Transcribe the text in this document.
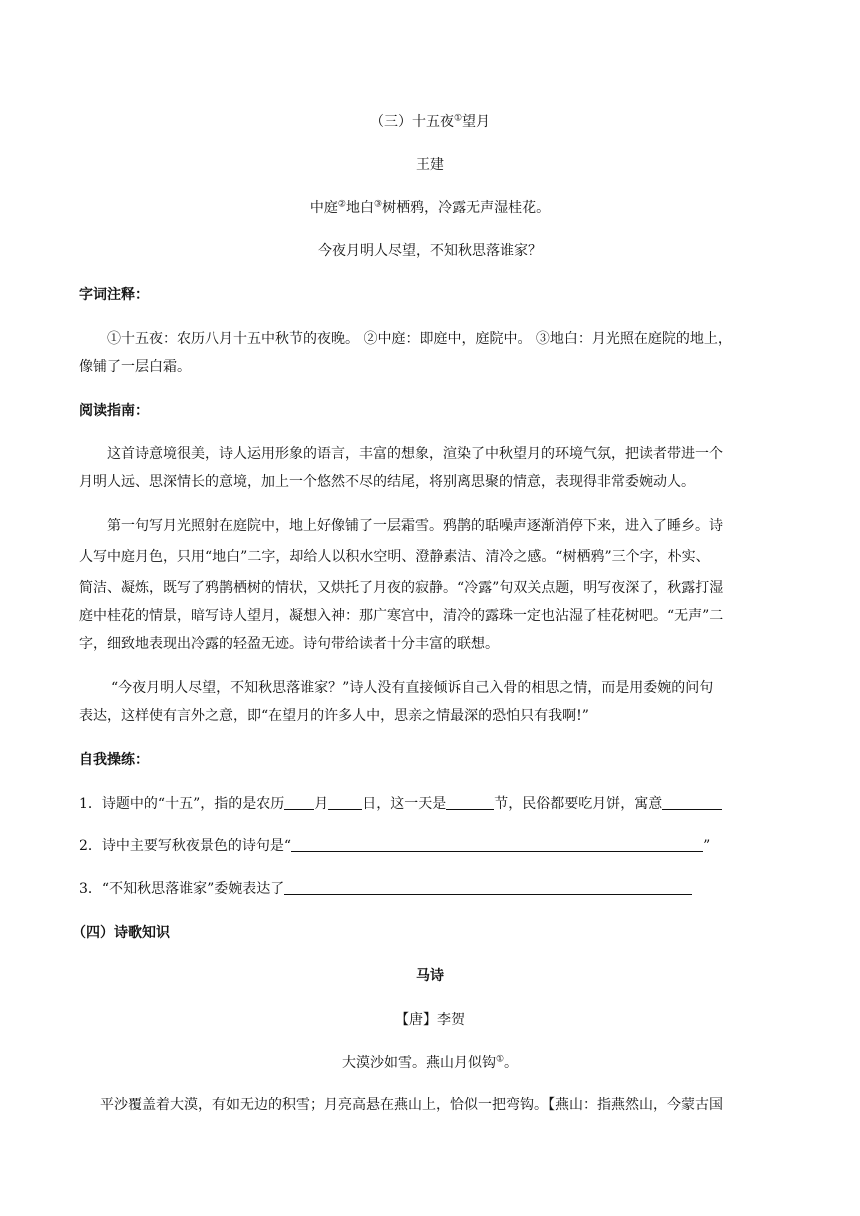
（三）十五夜①望月
王建
中庭②地白③树栖鸦，冷露无声湿桂花。
今夜月明人尽望，不知秋思落谁家？
字词注释：
①十五夜：农历八月十五中秋节的夜晚。 ②中庭：即庭中，庭院中。 ③地白：月光照在庭院的地上，
像铺了一层白霜。
阅读指南：
这首诗意境很美，诗人运用形象的语言，丰富的想象，渲染了中秋望月的环境气氛，把读者带进一个
月明人远、思深情长的意境，加上一个悠然不尽的结尾，将别离思聚的情意，表现得非常委婉动人。
第一句写月光照射在庭院中，地上好像铺了一层霜雪。鸦鹊的聒噪声逐渐消停下来，进入了睡乡。诗
人写中庭月色，只用“地白”二字，却给人以积水空明、澄静素洁、清冷之感。“树栖鸦”三个字，朴实、
简洁、凝炼，既写了鸦鹊栖树的情状，又烘托了月夜的寂静。“冷露”句双关点题，明写夜深了，秋露打湿
庭中桂花的情景，暗写诗人望月，凝想入神：那广寒宫中，清冷的露珠一定也沾湿了桂花树吧。“无声”二
字，细致地表现出冷露的轻盈无迹。诗句带给读者十分丰富的联想。
“今夜月明人尽望，不知秋思落谁家？”诗人没有直接倾诉自己入骨的相思之情，而是用委婉的问句
表达，这样使有言外之意，即“在望月的许多人中，思亲之情最深的恐怕只有我啊!”
自我操练：
1．诗题中的“十五”，指的是农历 月 日，这一天是	节，民俗都要吃月饼，寓意
2．诗中主要写秋夜景色的诗句是“	”
3．“不知秋思落谁家”委婉表达了
（四）诗歌知识
马诗
【唐】李贺
大漠沙如雪。燕山月似钩①。
平沙覆盖着大漠，有如无边的积雪；月亮高悬在燕山上，恰似一把弯钩。【燕山：指燕然山，今蒙古国
